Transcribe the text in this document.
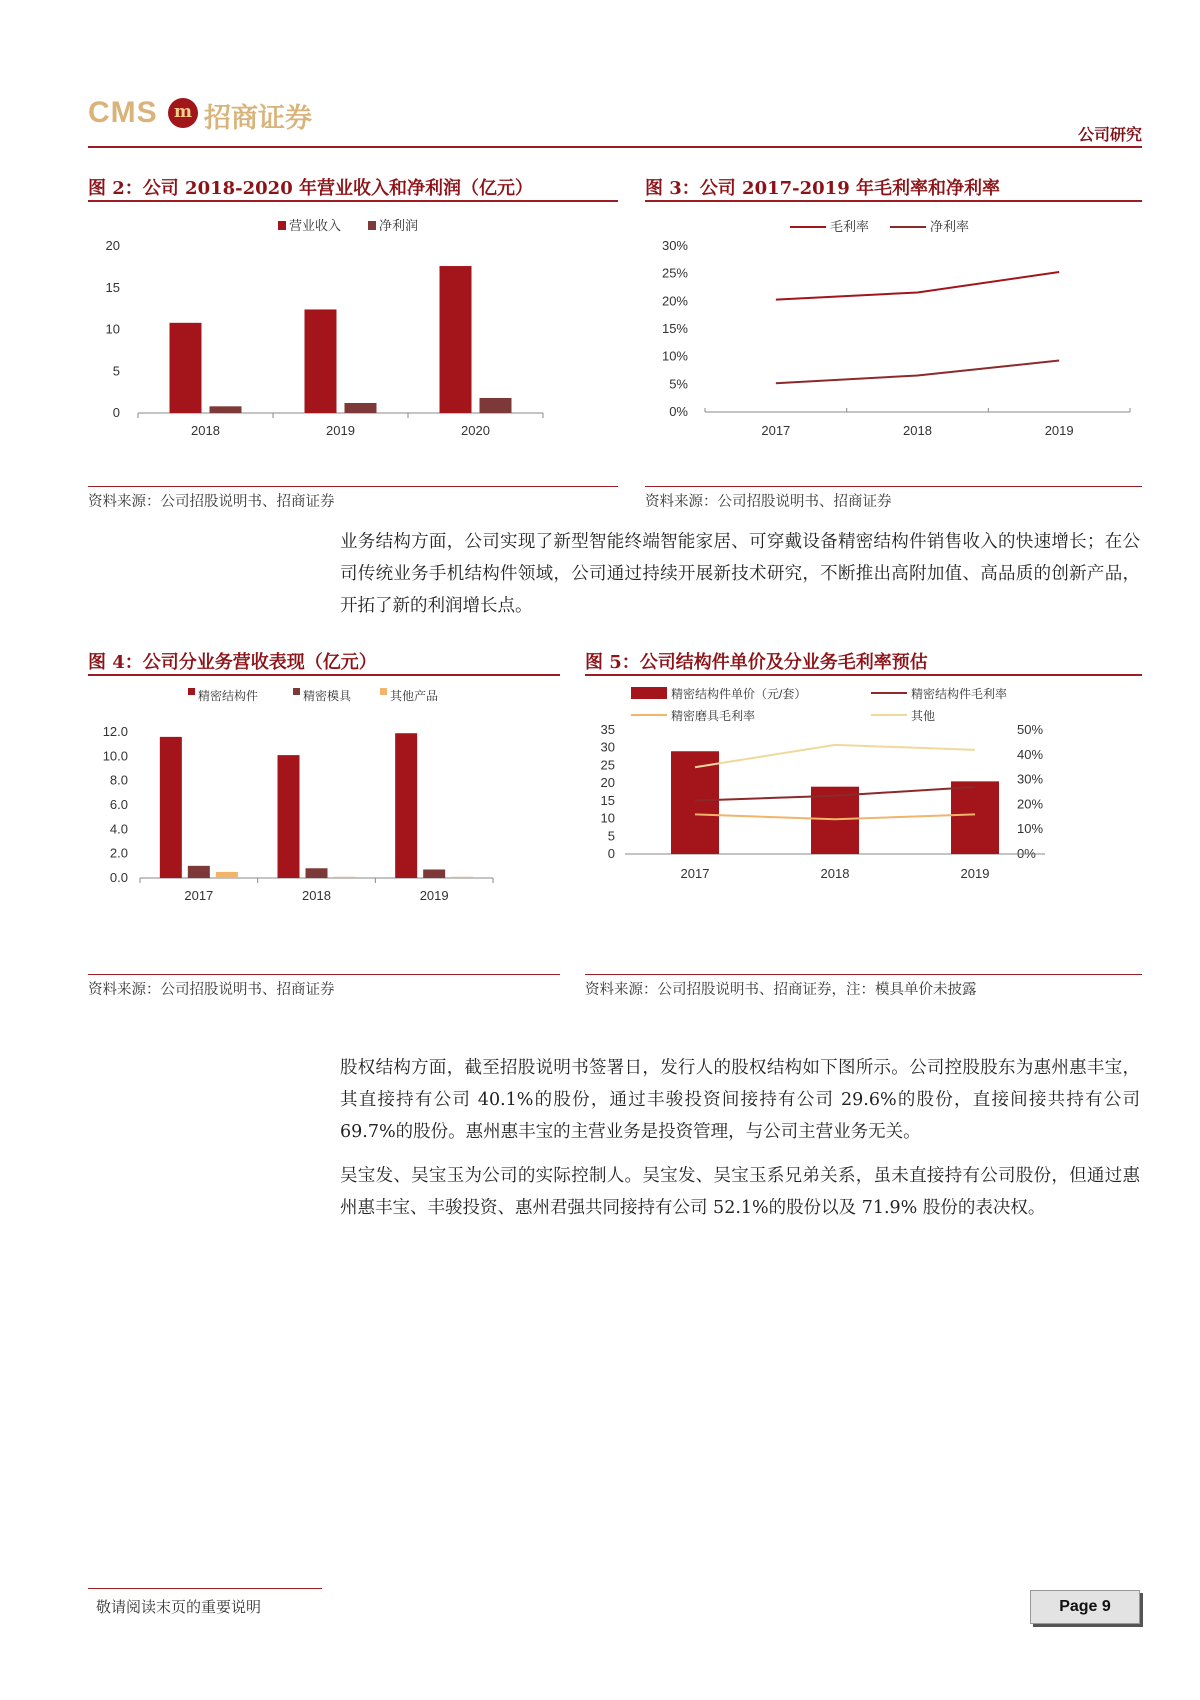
CMS m 招商证券
公司研究
图 2：公司 2018-2020 年营业收入和净利润（亿元）
0
5
10
15
20
2018	2019	2020
营业收入	净利润
资料来源：公司招股说明书、招商证券
图 3：公司 2017-2019 年毛利率和净利率
0%
5%
10%
15%
20%
25%
30%
2017	2018	2019
毛利率	净利率
资料来源：公司招股说明书、招商证券

业务结构方面，公司实现了新型智能终端智能家居、可穿戴设备精密结构件销售收入的快速增长；在公司传统业务手机结构件领域，公司通过持续开展新技术研究，不断推出高附加值、高品质的创新产品，开拓了新的利润增长点。

图 4：公司分业务营收表现（亿元）
0.0
2.0
4.0
6.0
8.0
10.0
12.0
2017	2018	2019
精密结构件	精密模具	其他产品
资料来源：公司招股说明书、招商证券
图 5：公司结构件单价及分业务毛利率预估
0
5
10
15
20
25
30
35
0%
10%
20%
30%
40%
50%
2017	2018	2019
精密结构件单价（元/套）	精密结构件毛利率
精密磨具毛利率	其他
资料来源：公司招股说明书、招商证券，注：模具单价未披露

股权结构方面，截至招股说明书签署日，发行人的股权结构如下图所示。公司控股股东为惠州惠丰宝，其直接持有公司 40.1%的股份，通过丰骏投资间接持有公司 29.6%的股份，直接间接共持有公司 69.7%的股份。惠州惠丰宝的主营业务是投资管理，与公司主营业务无关。

吴宝发、吴宝玉为公司的实际控制人。吴宝发、吴宝玉系兄弟关系，虽未直接持有公司股份，但通过惠州惠丰宝、丰骏投资、惠州君强共同接持有公司 52.1%的股份以及 71.9% 股份的表决权。

敬请阅读末页的重要说明	Page 9
